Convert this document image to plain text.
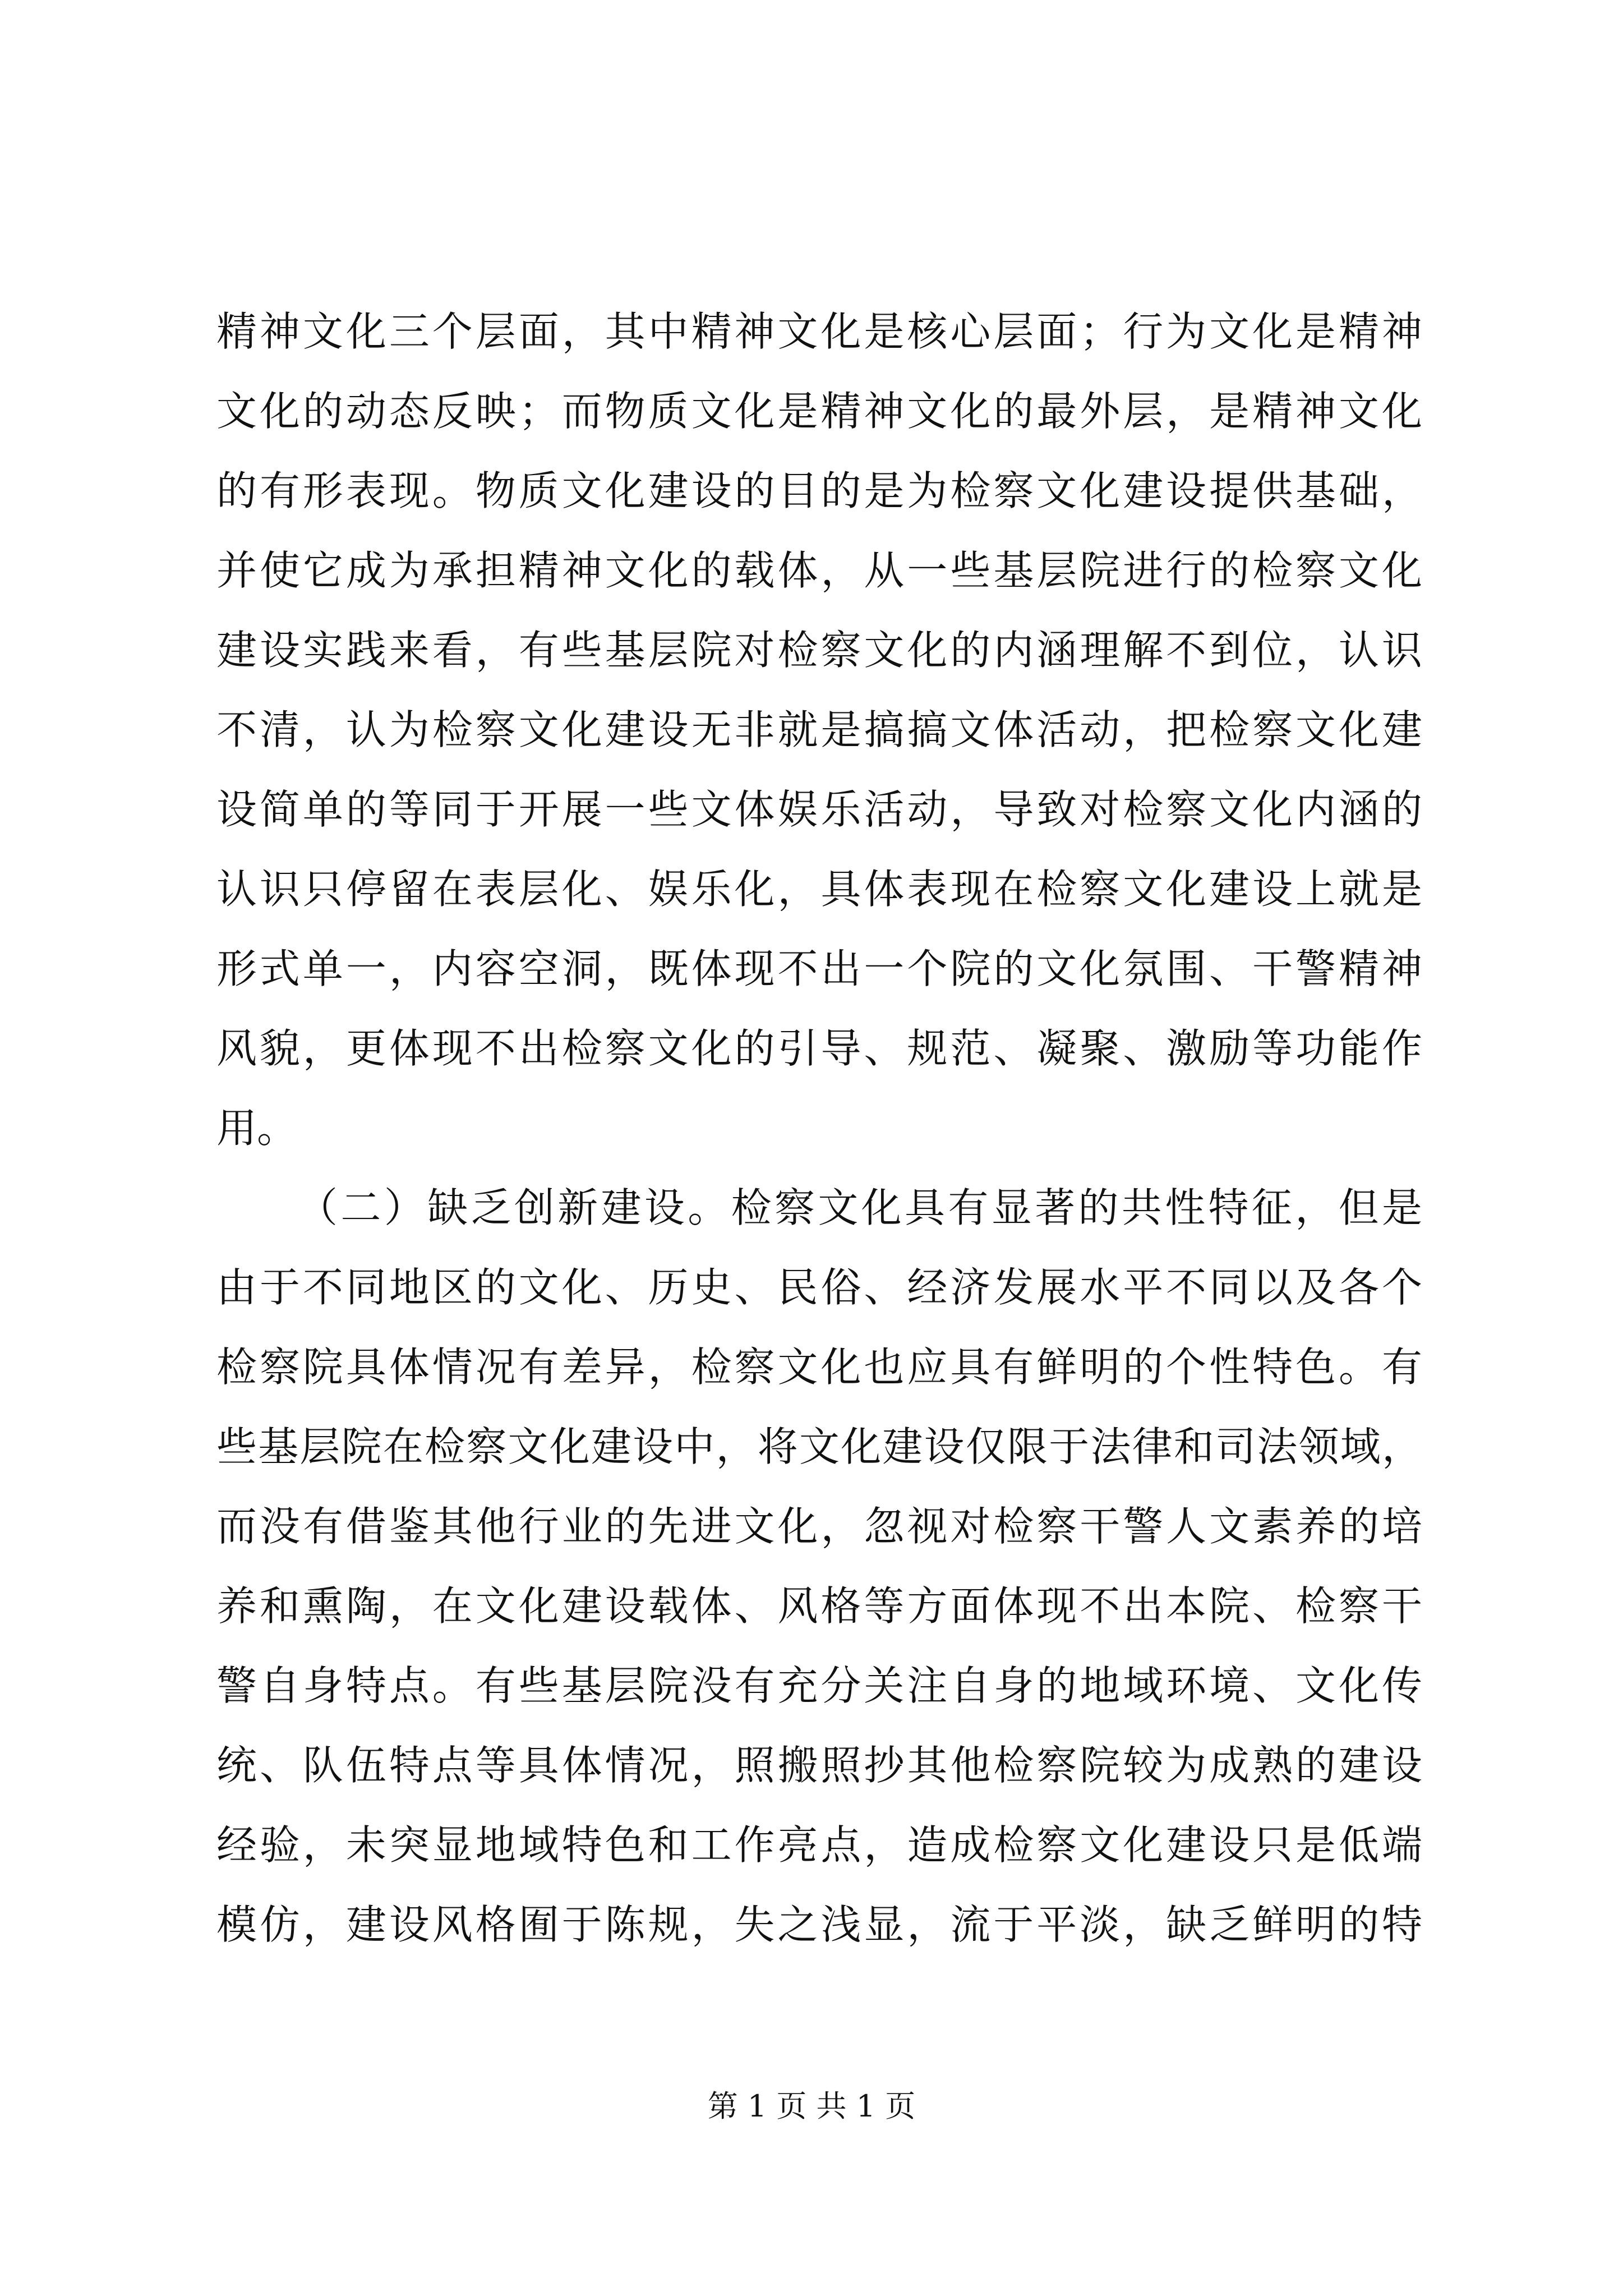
精神文化三个层面，其中精神文化是核心层面；行为文化是精神
文化的动态反映；而物质文化是精神文化的最外层，是精神文化
的有形表现。物质文化建设的目的是为检察文化建设提供基础，
并使它成为承担精神文化的载体，从一些基层院进行的检察文化
建设实践来看，有些基层院对检察文化的内涵理解不到位，认识
不清，认为检察文化建设无非就是搞搞文体活动，把检察文化建
设简单的等同于开展一些文体娱乐活动，导致对检察文化内涵的
认识只停留在表层化、娱乐化，具体表现在检察文化建设上就是
形式单一，内容空洞，既体现不出一个院的文化氛围、干警精神
风貌，更体现不出检察文化的引导、规范、凝聚、激励等功能作
用。
（二）缺乏创新建设。检察文化具有显著的共性特征，但是
由于不同地区的文化、历史、民俗、经济发展水平不同以及各个
检察院具体情况有差异，检察文化也应具有鲜明的个性特色。有
些基层院在检察文化建设中，将文化建设仅限于法律和司法领域，
而没有借鉴其他行业的先进文化，忽视对检察干警人文素养的培
养和熏陶，在文化建设载体、风格等方面体现不出本院、检察干
警自身特点。有些基层院没有充分关注自身的地域环境、文化传
统、队伍特点等具体情况，照搬照抄其他检察院较为成熟的建设
经验，未突显地域特色和工作亮点，造成检察文化建设只是低端
模仿，建设风格囿于陈规，失之浅显，流于平淡，缺乏鲜明的特
第 1 页 共 1 页
